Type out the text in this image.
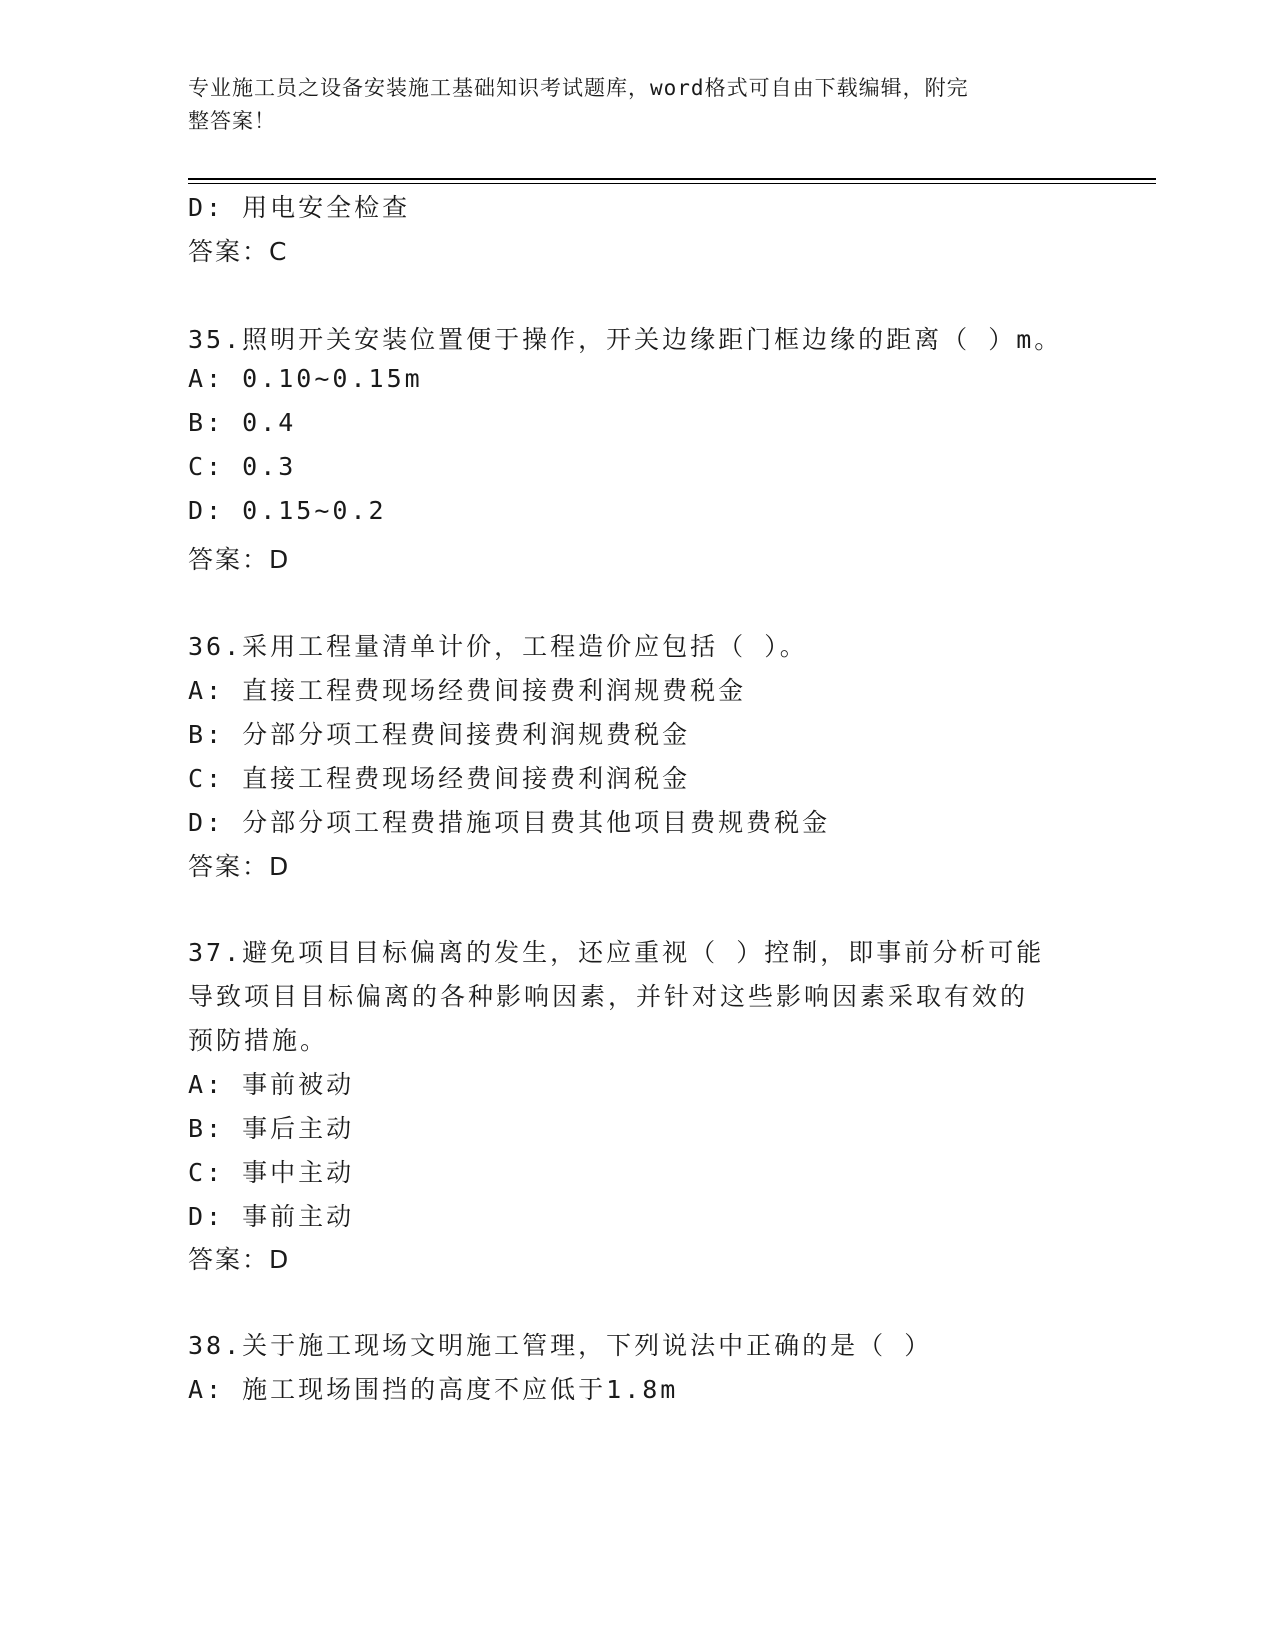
专业施工员之设备安装施工基础知识考试题库，word格式可自由下载编辑，附完
整答案！
D: 用电安全检查
答案：C
35.照明开关安装位置便于操作，开关边缘距门框边缘的距离（ ）m。
A: 0.10~0.15m
B: 0.4
C: 0.3
D: 0.15~0.2
答案：D
36.采用工程量清单计价，工程造价应包括（ ）。
A: 直接工程费现场经费间接费利润规费税金
B: 分部分项工程费间接费利润规费税金
C: 直接工程费现场经费间接费利润税金
D: 分部分项工程费措施项目费其他项目费规费税金
答案：D
37.避免项目目标偏离的发生，还应重视（ ）控制，即事前分析可能
导致项目目标偏离的各种影响因素，并针对这些影响因素采取有效的
预防措施。
A: 事前被动
B: 事后主动
C: 事中主动
D: 事前主动
答案：D
38.关于施工现场文明施工管理，下列说法中正确的是（ ）
A: 施工现场围挡的高度不应低于1.8m
